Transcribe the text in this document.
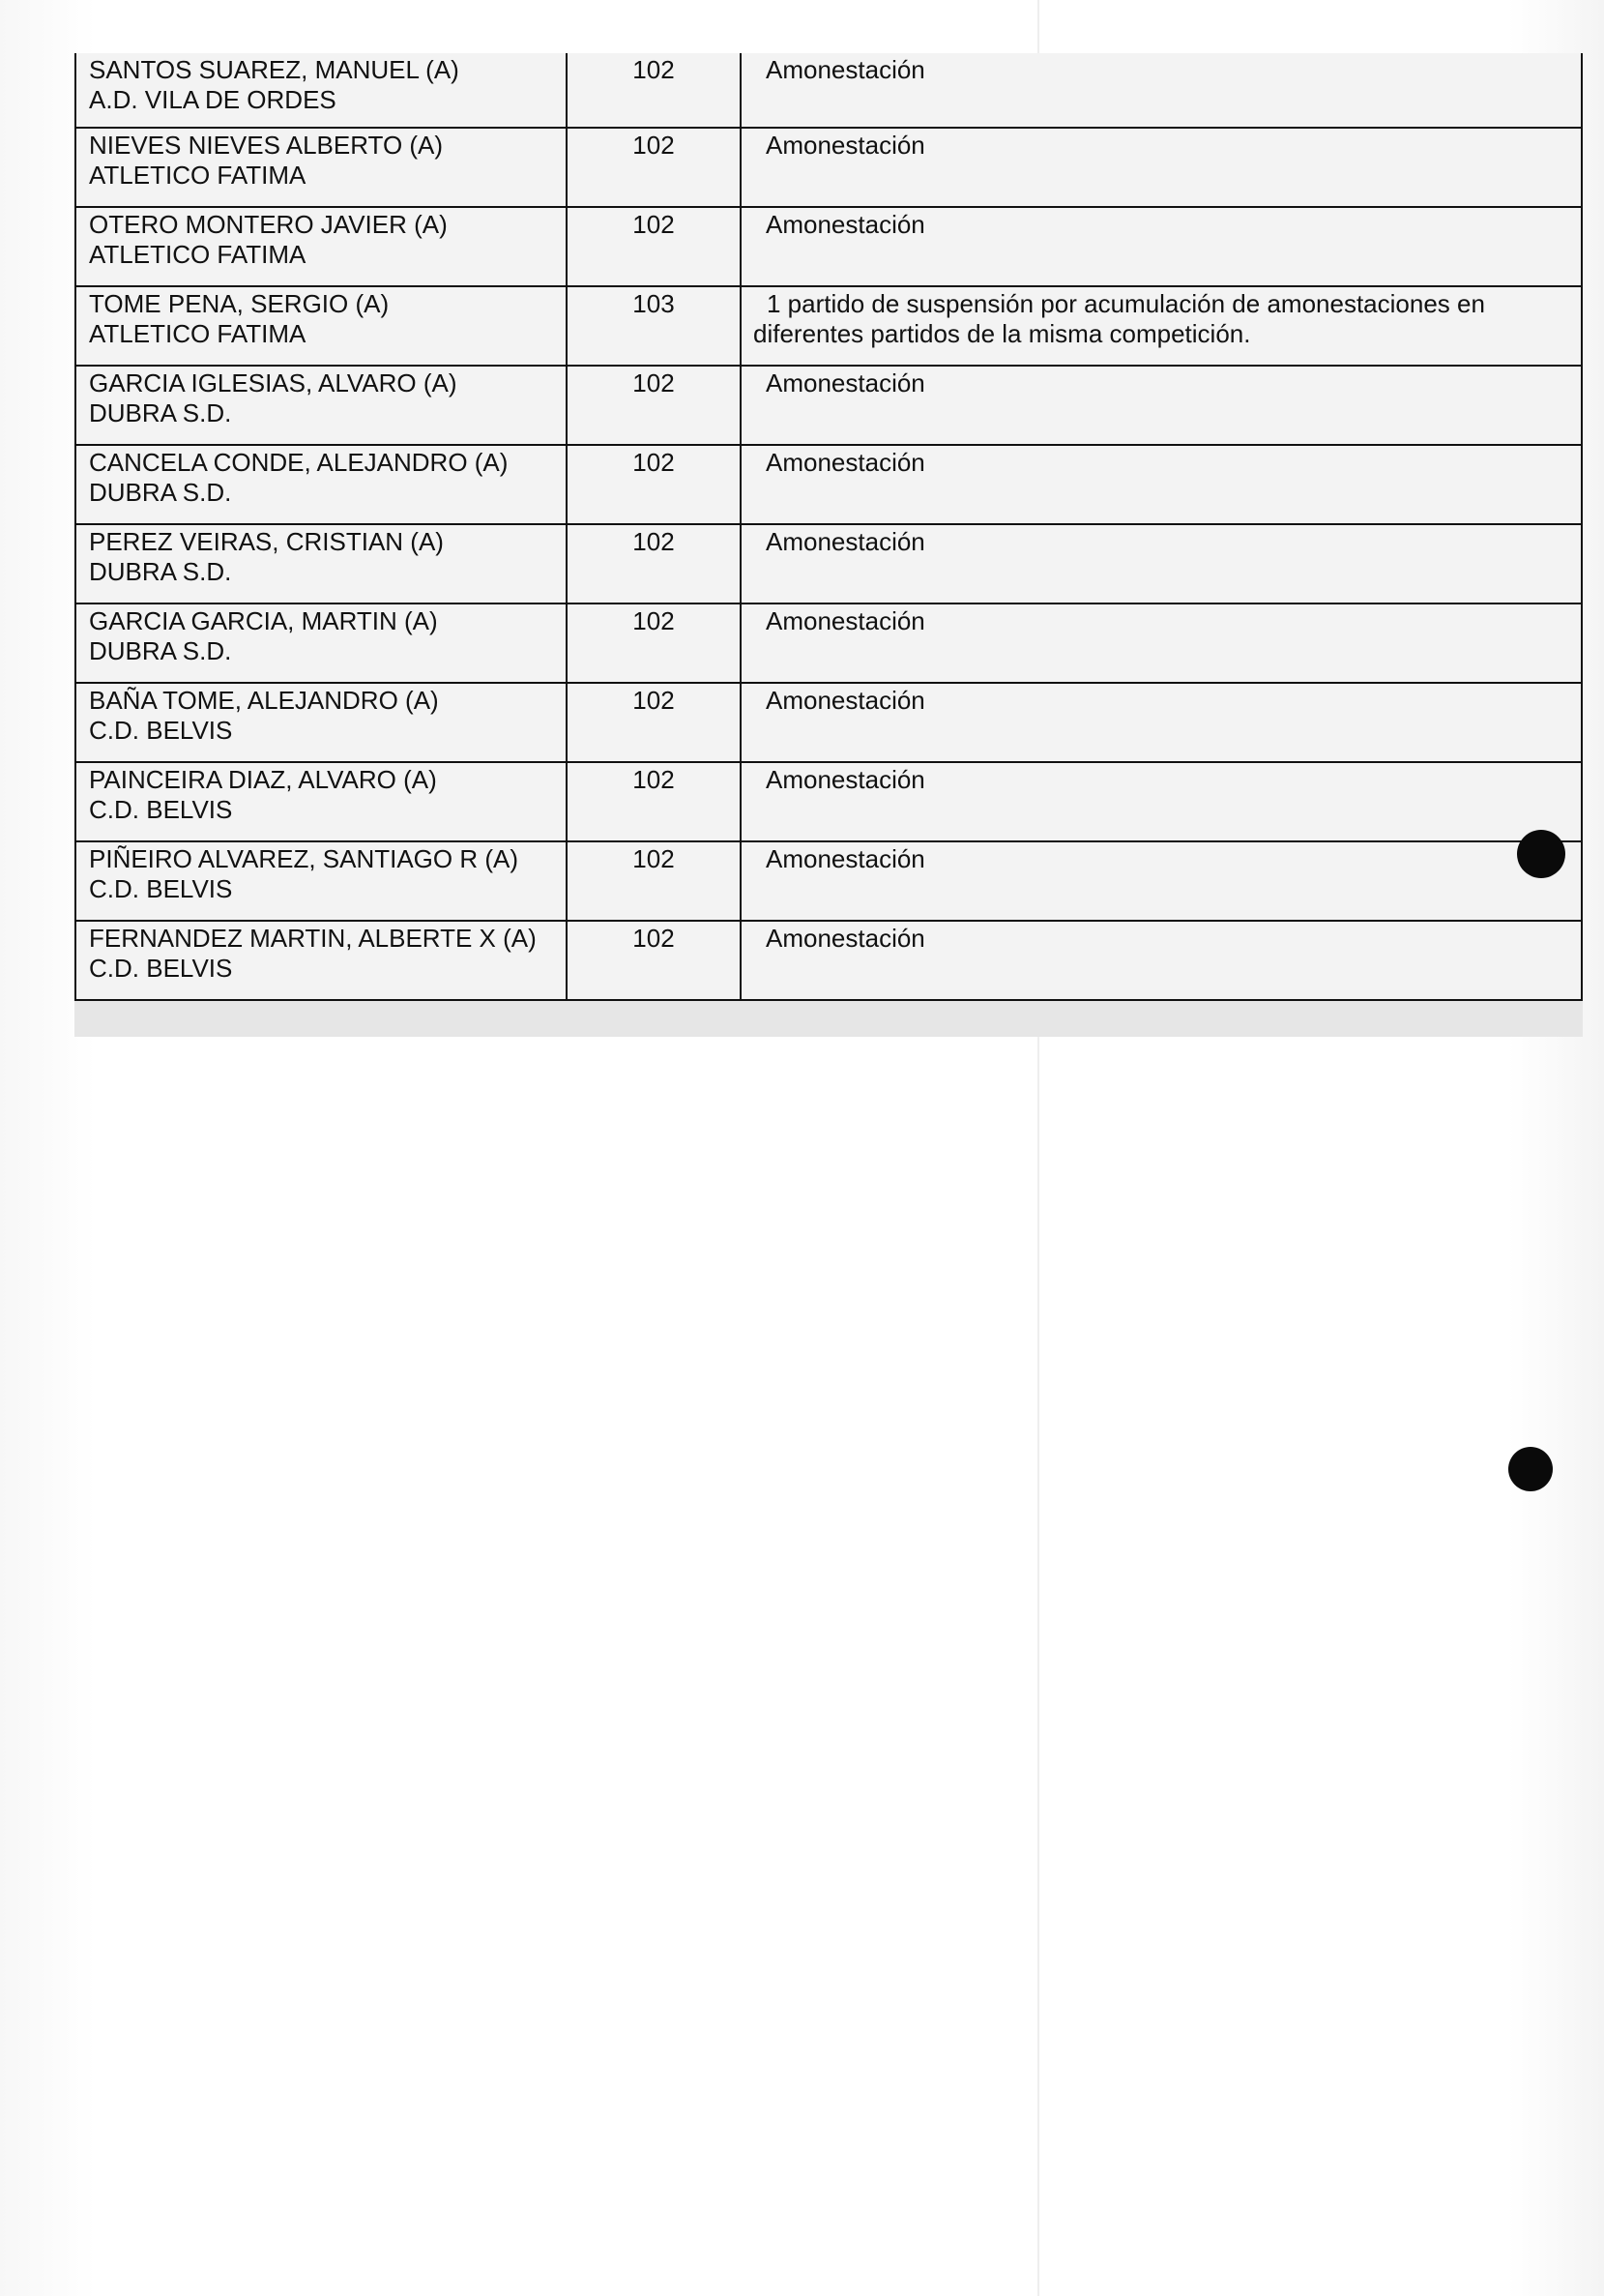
SANTOS SUAREZ, MANUEL (A)
A.D. VILA DE ORDES	102	Amonestación
NIEVES NIEVES ALBERTO (A)
ATLETICO FATIMA	102	Amonestación
OTERO MONTERO JAVIER (A)
ATLETICO FATIMA	102	Amonestación
TOME PENA, SERGIO (A)
ATLETICO FATIMA	103	1 partido de suspensión por acumulación de amonestaciones en
diferentes partidos de la misma competición.
GARCIA IGLESIAS, ALVARO (A)
DUBRA S.D.	102	Amonestación
CANCELA CONDE, ALEJANDRO (A)
DUBRA S.D.	102	Amonestación
PEREZ VEIRAS, CRISTIAN (A)
DUBRA S.D.	102	Amonestación
GARCIA GARCIA, MARTIN (A)
DUBRA S.D.	102	Amonestación
BAÑA TOME, ALEJANDRO (A)
C.D. BELVIS	102	Amonestación
PAINCEIRA DIAZ, ALVARO (A)
C.D. BELVIS	102	Amonestación
PIÑEIRO ALVAREZ, SANTIAGO R (A)
C.D. BELVIS	102	Amonestación
FERNANDEZ MARTIN, ALBERTE X (A)
C.D. BELVIS	102	Amonestación
